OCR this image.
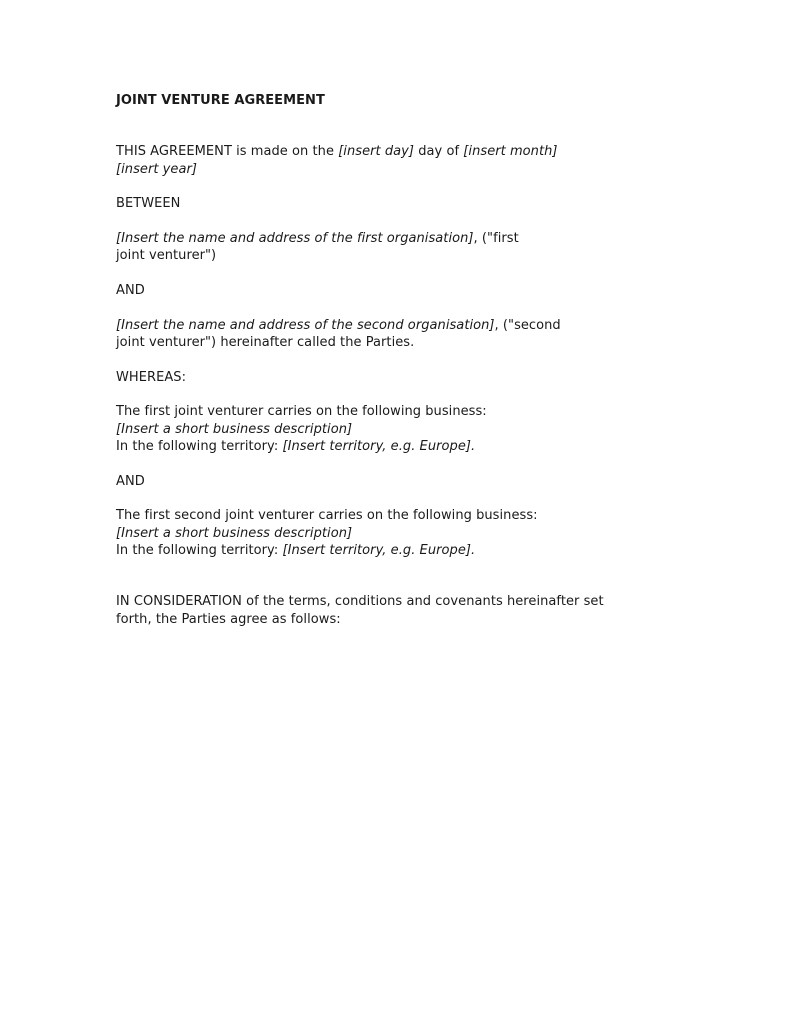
JOINT VENTURE AGREEMENT

THIS AGREEMENT is made on the [insert day] day of [insert month]
[insert year]

BETWEEN

[Insert the name and address of the first organisation], ("first
joint venturer")

AND

[Insert the name and address of the second organisation], ("second
joint venturer") hereinafter called the Parties.

WHEREAS:

The first joint venturer carries on the following business:
[Insert a short business description]
In the following territory: [Insert territory, e.g. Europe].

AND

The first second joint venturer carries on the following business:
[Insert a short business description]
In the following territory: [Insert territory, e.g. Europe].

IN CONSIDERATION of the terms, conditions and covenants hereinafter set
forth, the Parties agree as follows:
